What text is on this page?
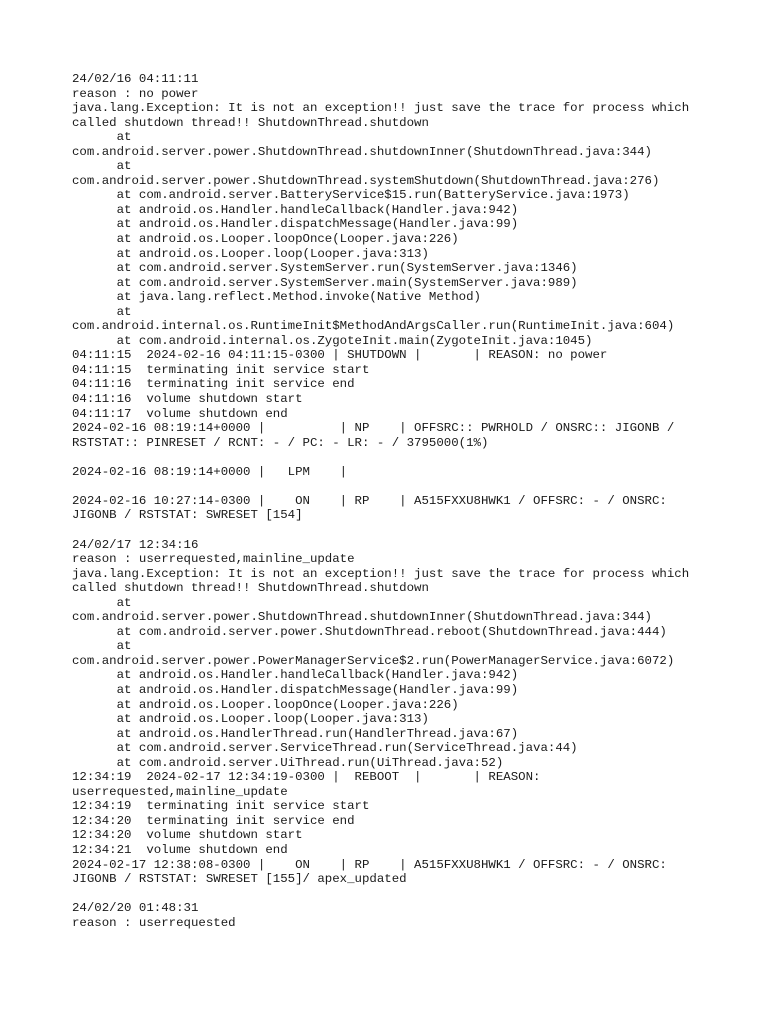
24/02/16 04:11:11
reason : no power
java.lang.Exception: It is not an exception!! just save the trace for process which
called shutdown thread!! ShutdownThread.shutdown
at
com.android.server.power.ShutdownThread.shutdownInner(ShutdownThread.java:344)
at
com.android.server.power.ShutdownThread.systemShutdown(ShutdownThread.java:276)
at com.android.server.BatteryService$15.run(BatteryService.java:1973)
at android.os.Handler.handleCallback(Handler.java:942)
at android.os.Handler.dispatchMessage(Handler.java:99)
at android.os.Looper.loopOnce(Looper.java:226)
at android.os.Looper.loop(Looper.java:313)
at com.android.server.SystemServer.run(SystemServer.java:1346)
at com.android.server.SystemServer.main(SystemServer.java:989)
at java.lang.reflect.Method.invoke(Native Method)
at
com.android.internal.os.RuntimeInit$MethodAndArgsCaller.run(RuntimeInit.java:604)
at com.android.internal.os.ZygoteInit.main(ZygoteInit.java:1045)
04:11:15  2024-02-16 04:11:15-0300 | SHUTDOWN |       | REASON: no power
04:11:15  terminating init service start
04:11:16  terminating init service end
04:11:16  volume shutdown start
04:11:17  volume shutdown end
2024-02-16 08:19:14+0000 |          | NP    | OFFSRC:: PWRHOLD / ONSRC:: JIGONB /
RSTSTAT:: PINRESET / RCNT: - / PC: - LR: - / 3795000(1%)

2024-02-16 08:19:14+0000 |   LPM    |

2024-02-16 10:27:14-0300 |    ON    | RP    | A515FXXU8HWK1 / OFFSRC: - / ONSRC:
JIGONB / RSTSTAT: SWRESET [154]

24/02/17 12:34:16
reason : userrequested,mainline_update
java.lang.Exception: It is not an exception!! just save the trace for process which
called shutdown thread!! ShutdownThread.shutdown
at
com.android.server.power.ShutdownThread.shutdownInner(ShutdownThread.java:344)
at com.android.server.power.ShutdownThread.reboot(ShutdownThread.java:444)
at
com.android.server.power.PowerManagerService$2.run(PowerManagerService.java:6072)
at android.os.Handler.handleCallback(Handler.java:942)
at android.os.Handler.dispatchMessage(Handler.java:99)
at android.os.Looper.loopOnce(Looper.java:226)
at android.os.Looper.loop(Looper.java:313)
at android.os.HandlerThread.run(HandlerThread.java:67)
at com.android.server.ServiceThread.run(ServiceThread.java:44)
at com.android.server.UiThread.run(UiThread.java:52)
12:34:19  2024-02-17 12:34:19-0300 |  REBOOT  |       | REASON:
userrequested,mainline_update
12:34:19  terminating init service start
12:34:20  terminating init service end
12:34:20  volume shutdown start
12:34:21  volume shutdown end
2024-02-17 12:38:08-0300 |    ON    | RP    | A515FXXU8HWK1 / OFFSRC: - / ONSRC:
JIGONB / RSTSTAT: SWRESET [155]/ apex_updated

24/02/20 01:48:31
reason : userrequested
